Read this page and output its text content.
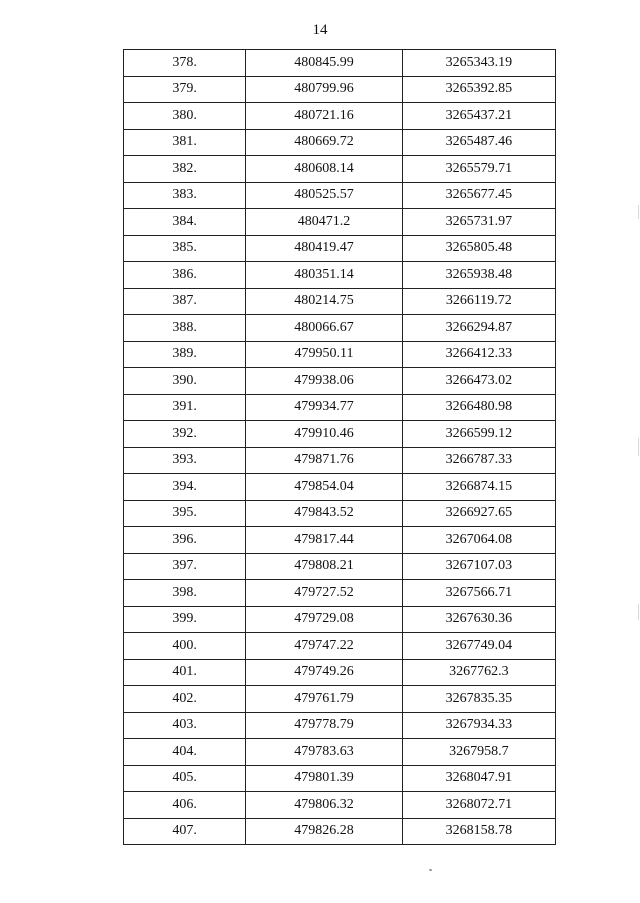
14
378.	480845.99	3265343.19
379.	480799.96	3265392.85
380.	480721.16	3265437.21
381.	480669.72	3265487.46
382.	480608.14	3265579.71
383.	480525.57	3265677.45
384.	480471.2	3265731.97
385.	480419.47	3265805.48
386.	480351.14	3265938.48
387.	480214.75	3266119.72
388.	480066.67	3266294.87
389.	479950.11	3266412.33
390.	479938.06	3266473.02
391.	479934.77	3266480.98
392.	479910.46	3266599.12
393.	479871.76	3266787.33
394.	479854.04	3266874.15
395.	479843.52	3266927.65
396.	479817.44	3267064.08
397.	479808.21	3267107.03
398.	479727.52	3267566.71
399.	479729.08	3267630.36
400.	479747.22	3267749.04
401.	479749.26	3267762.3
402.	479761.79	3267835.35
403.	479778.79	3267934.33
404.	479783.63	3267958.7
405.	479801.39	3268047.91
406.	479806.32	3268072.71
407.	479826.28	3268158.78
